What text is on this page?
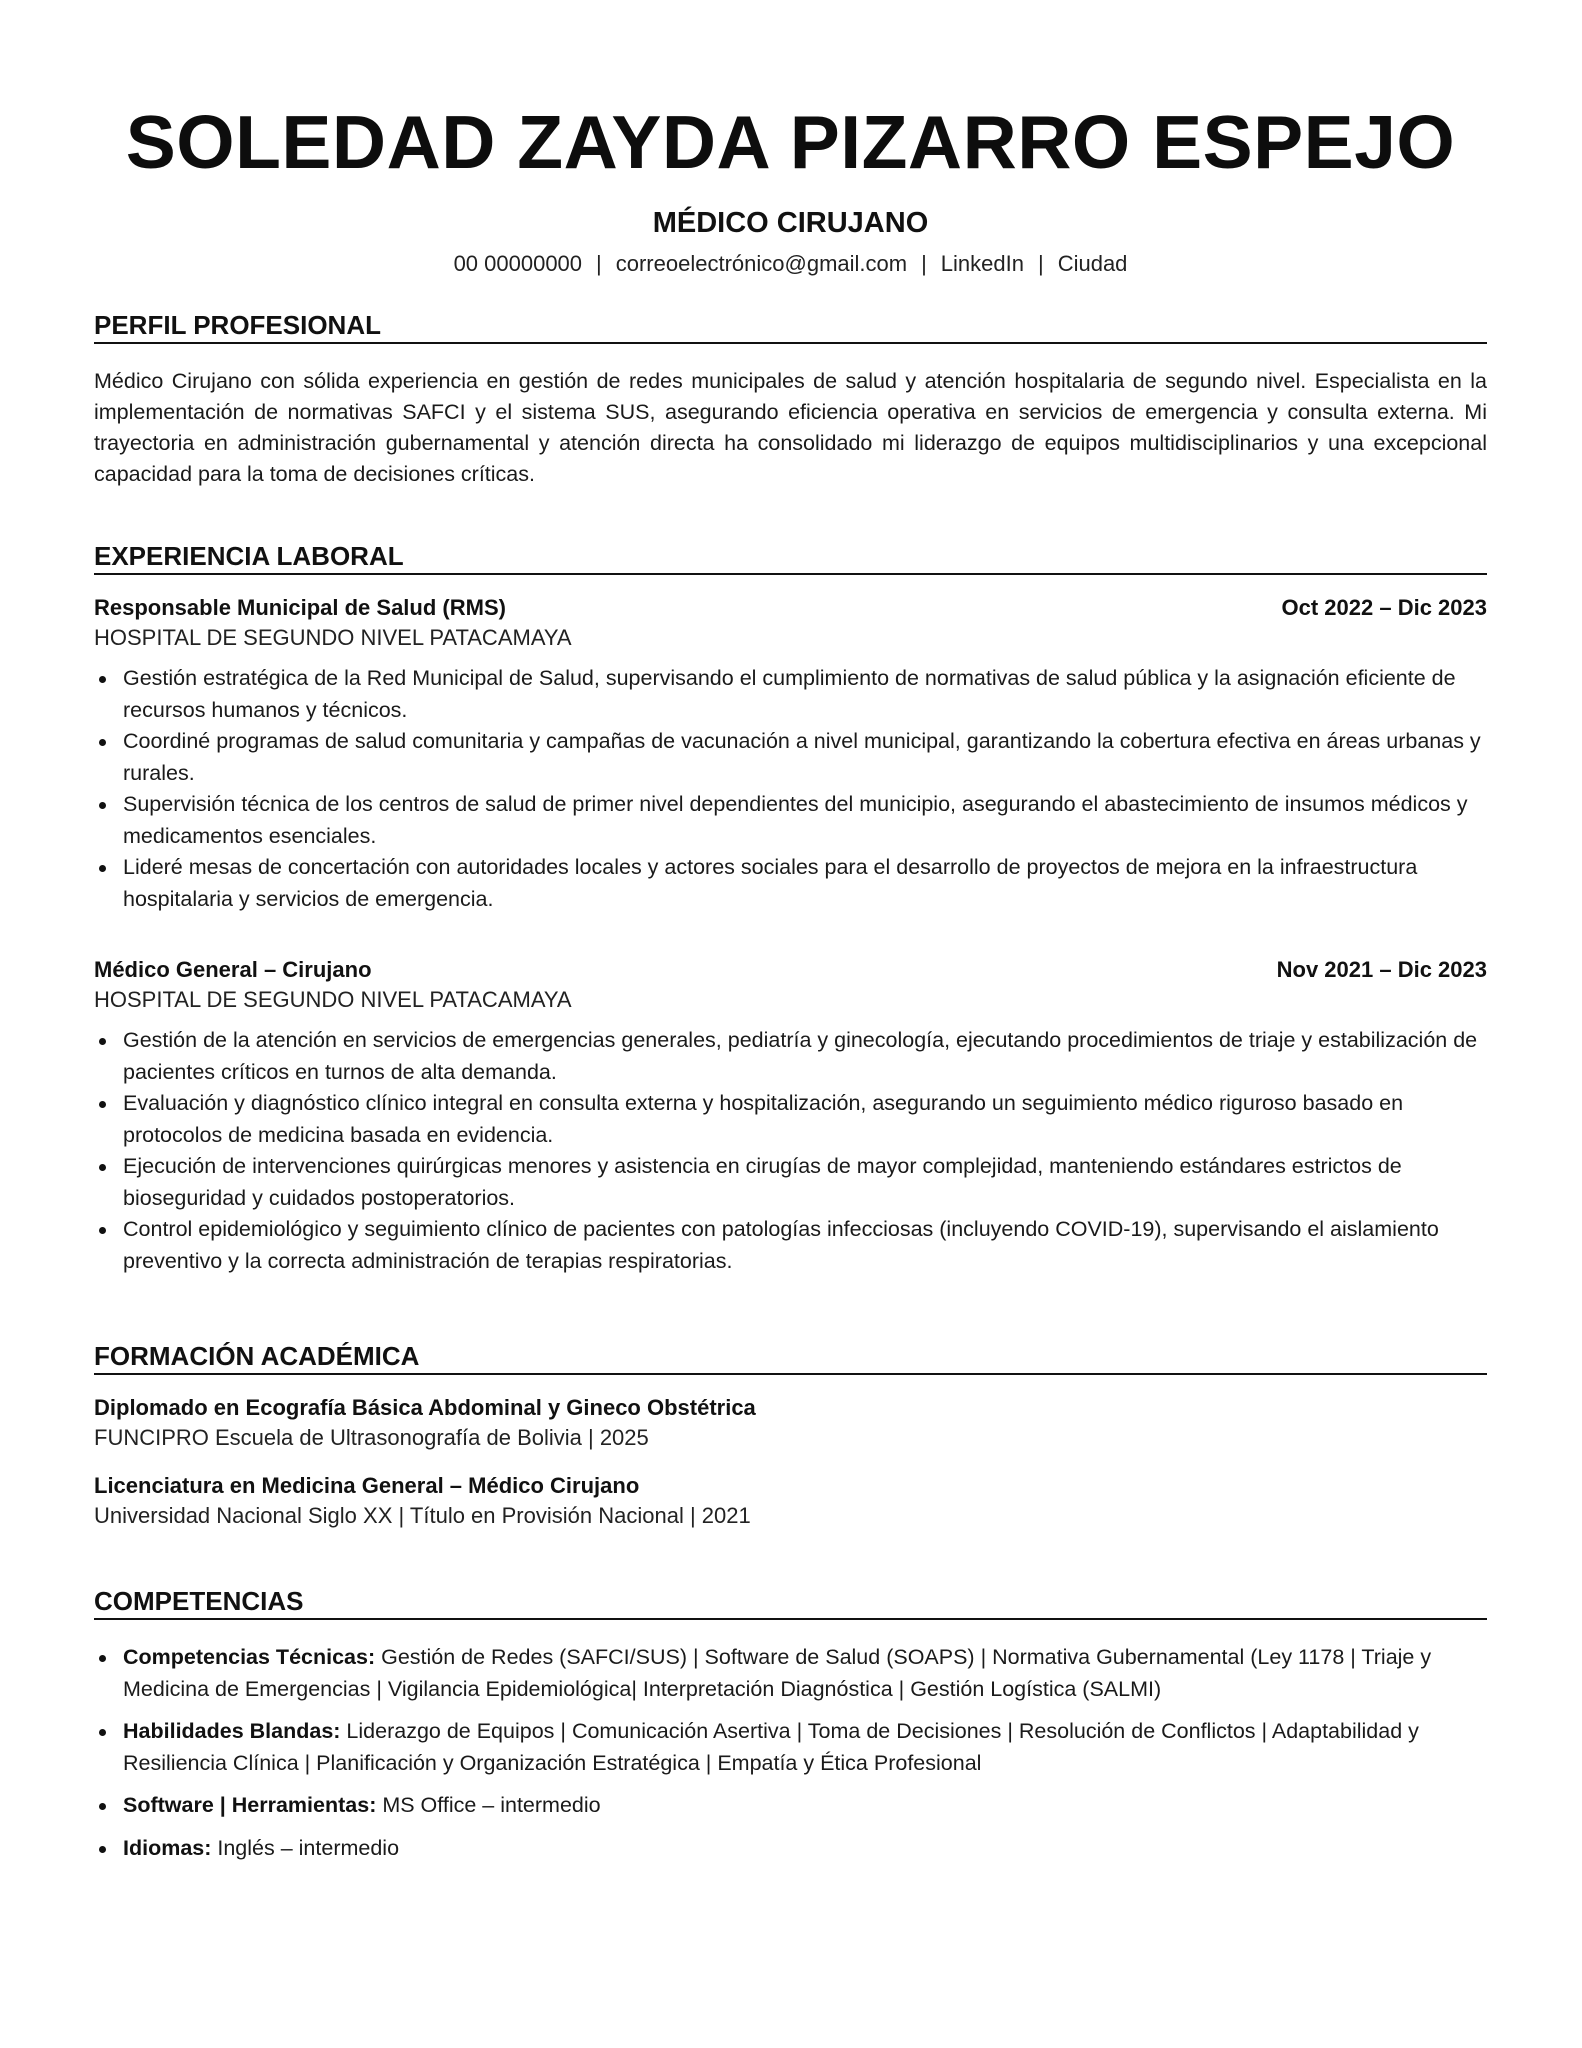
SOLEDAD ZAYDA PIZARRO ESPEJO
MÉDICO CIRUJANO
00 00000000 | correoelectrónico@gmail.com | LinkedIn | Ciudad
PERFIL PROFESIONAL
Médico Cirujano con sólida experiencia en gestión de redes municipales de salud y atención hospitalaria de segundo nivel. Especialista en la implementación de normativas SAFCI y el sistema SUS, asegurando eficiencia operativa en servicios de emergencia y consulta externa. Mi trayectoria en administración gubernamental y atención directa ha consolidado mi liderazgo de equipos multidisciplinarios y una excepcional capacidad para la toma de decisiones críticas.
EXPERIENCIA LABORAL
Responsable Municipal de Salud (RMS)	Oct 2022 – Dic 2023
HOSPITAL DE SEGUNDO NIVEL PATACAMAYA
Gestión estratégica de la Red Municipal de Salud, supervisando el cumplimiento de normativas de salud pública y la asignación eficiente de recursos humanos y técnicos.
Coordiné programas de salud comunitaria y campañas de vacunación a nivel municipal, garantizando la cobertura efectiva en áreas urbanas y rurales.
Supervisión técnica de los centros de salud de primer nivel dependientes del municipio, asegurando el abastecimiento de insumos médicos y medicamentos esenciales.
Lideré mesas de concertación con autoridades locales y actores sociales para el desarrollo de proyectos de mejora en la infraestructura hospitalaria y servicios de emergencia.
Médico General – Cirujano	Nov 2021 – Dic 2023
HOSPITAL DE SEGUNDO NIVEL PATACAMAYA
Gestión de la atención en servicios de emergencias generales, pediatría y ginecología, ejecutando procedimientos de triaje y estabilización de pacientes críticos en turnos de alta demanda.
Evaluación y diagnóstico clínico integral en consulta externa y hospitalización, asegurando un seguimiento médico riguroso basado en protocolos de medicina basada en evidencia.
Ejecución de intervenciones quirúrgicas menores y asistencia en cirugías de mayor complejidad, manteniendo estándares estrictos de bioseguridad y cuidados postoperatorios.
Control epidemiológico y seguimiento clínico de pacientes con patologías infecciosas (incluyendo COVID-19), supervisando el aislamiento preventivo y la correcta administración de terapias respiratorias.
FORMACIÓN ACADÉMICA
Diplomado en Ecografía Básica Abdominal y Gineco Obstétrica
FUNCIPRO Escuela de Ultrasonografía de Bolivia | 2025
Licenciatura en Medicina General – Médico Cirujano
Universidad Nacional Siglo XX | Título en Provisión Nacional | 2021
COMPETENCIAS
Competencias Técnicas: Gestión de Redes (SAFCI/SUS) | Software de Salud (SOAPS) | Normativa Gubernamental (Ley 1178 | Triaje y Medicina de Emergencias | Vigilancia Epidemiológica| Interpretación Diagnóstica | Gestión Logística (SALMI)
Habilidades Blandas: Liderazgo de Equipos | Comunicación Asertiva | Toma de Decisiones | Resolución de Conflictos | Adaptabilidad y Resiliencia Clínica | Planificación y Organización Estratégica | Empatía y Ética Profesional
Software | Herramientas: MS Office – intermedio
Idiomas: Inglés – intermedio
